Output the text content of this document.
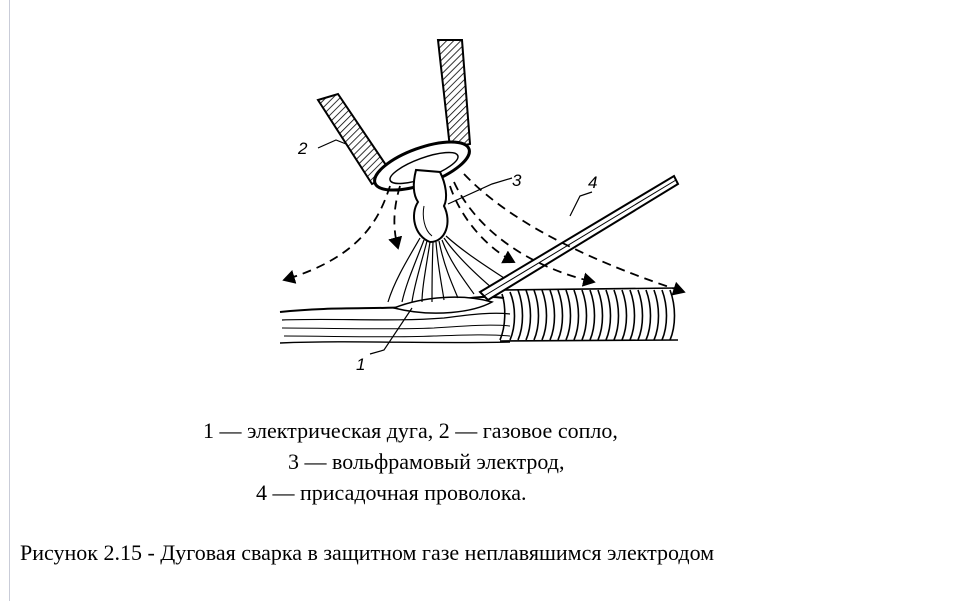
2
3	4
1
1 — электрическая дуга, 2 — газовое сопло,
3 — вольфрамовый электрод,
4 — присадочная проволока.
Рисунок 2.15 - Дуговая сварка в защитном газе неплавяшимся электродом
